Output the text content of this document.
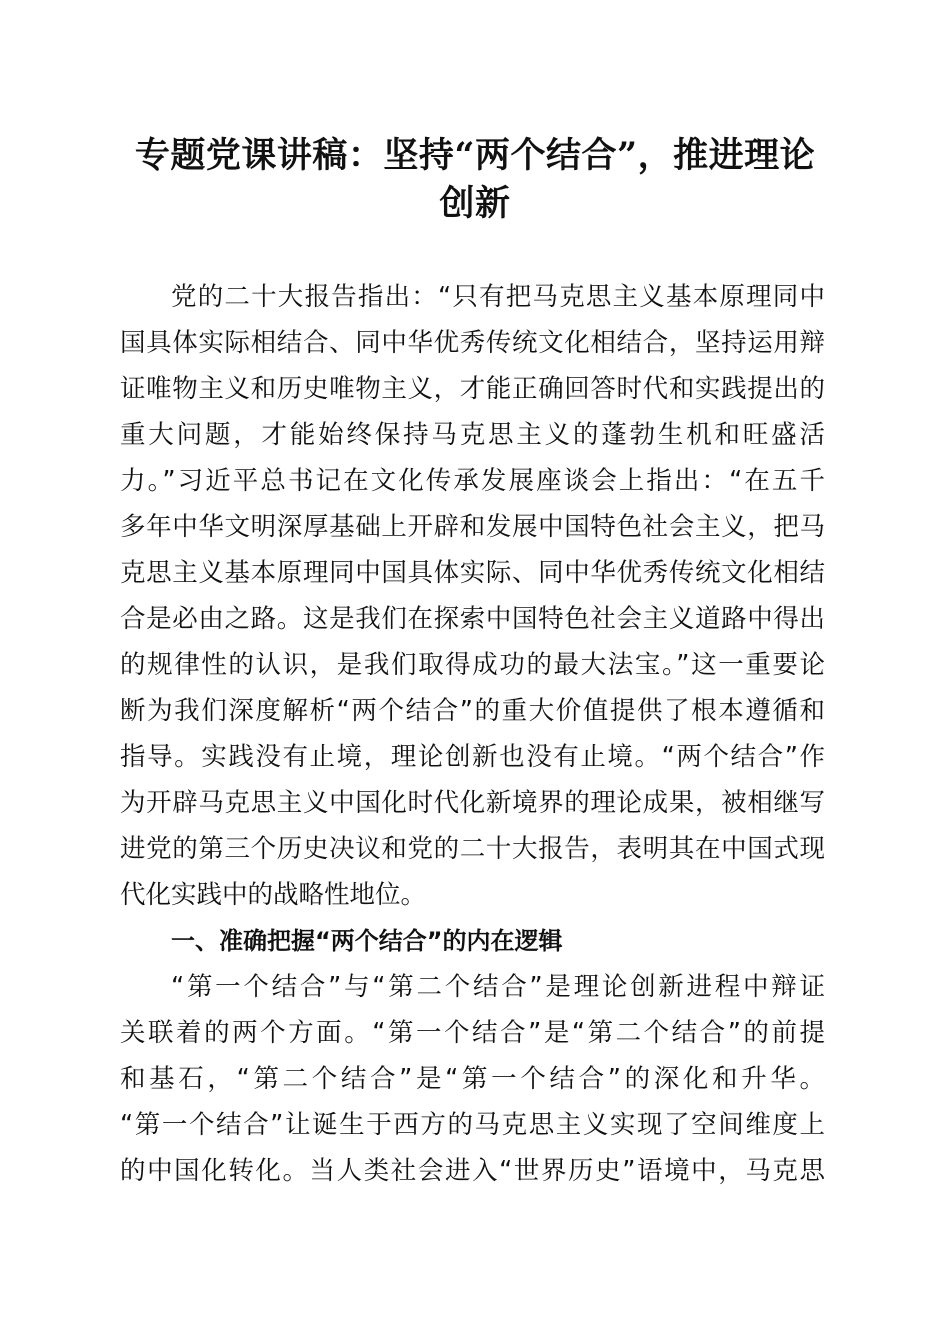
专题党课讲稿：坚持“两个结合”，推进理论
创新
党的二十大报告指出：“只有把马克思主义基本原理同中
国具体实际相结合、同中华优秀传统文化相结合，坚持运用辩
证唯物主义和历史唯物主义，才能正确回答时代和实践提出的
重大问题，才能始终保持马克思主义的蓬勃生机和旺盛活
力。”习近平总书记在文化传承发展座谈会上指出：“在五千
多年中华文明深厚基础上开辟和发展中国特色社会主义，把马
克思主义基本原理同中国具体实际、同中华优秀传统文化相结
合是必由之路。这是我们在探索中国特色社会主义道路中得出
的规律性的认识，是我们取得成功的最大法宝。”这一重要论
断为我们深度解析“两个结合”的重大价值提供了根本遵循和
指导。实践没有止境，理论创新也没有止境。“两个结合”作
为开辟马克思主义中国化时代化新境界的理论成果，被相继写
进党的第三个历史决议和党的二十大报告，表明其在中国式现
代化实践中的战略性地位。
一、准确把握“两个结合”的内在逻辑
“第一个结合”与“第二个结合”是理论创新进程中辩证
关联着的两个方面。“第一个结合”是“第二个结合”的前提
和基石，“第二个结合”是“第一个结合”的深化和升华。
“第一个结合”让诞生于西方的马克思主义实现了空间维度上
的中国化转化。当人类社会进入“世界历史”语境中，马克思
